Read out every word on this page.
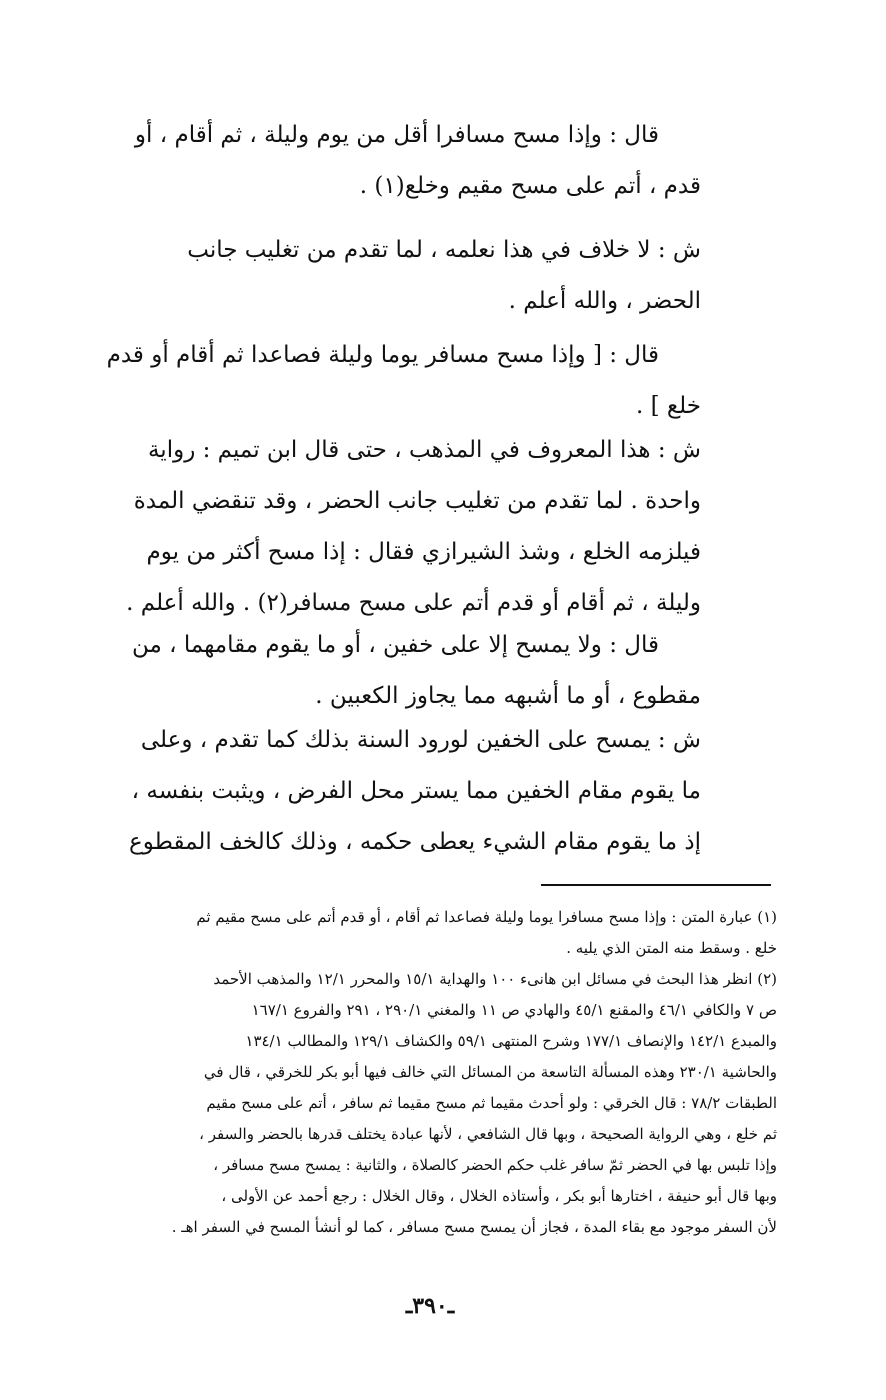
قال : وإذا مسح مسافرا أقل من يوم وليلة ، ثم أقام ، أو
قدم ، أتم على مسح مقيم وخلع(١) .
ش : لا خلاف في هذا نعلمه ، لما تقدم من تغليب جانب
الحضر ، والله أعلم .
قال : [ وإذا مسح مسافر يوما وليلة فصاعدا ثم أقام أو قدم
خلع ] .
ش : هذا المعروف في المذهب ، حتى قال ابن تميم : رواية
واحدة . لما تقدم من تغليب جانب الحضر ، وقد تنقضي المدة
فيلزمه الخلع ، وشذ الشيرازي فقال : إذا مسح أكثر من يوم
وليلة ، ثم أقام أو قدم أتم على مسح مسافر(٢) . والله أعلم .
قال : ولا يمسح إلا على خفين ، أو ما يقوم مقامهما ، من
مقطوع ، أو ما أشبهه مما يجاوز الكعبين .
ش : يمسح على الخفين لورود السنة بذلك كما تقدم ، وعلى
ما يقوم مقام الخفين مما يستر محل الفرض ، ويثبت بنفسه ،
إذ ما يقوم مقام الشيء يعطى حكمه ، وذلك كالخف المقطوع
(١) عبارة المتن : وإذا مسح مسافرا يوما وليلة فصاعدا ثم أقام ، أو قدم أتم على مسح مقيم ثم
خلع . وسقط منه المتن الذي يليه .
(٢) انظر هذا البحث في مسائل ابن هانىء ١٠٠ والهداية ١٥/١ والمحرر ١٢/١ والمذهب الأحمد
ص ٧ والكافي ٤٦/١ والمقنع ٤٥/١ والهادي ص ١١ والمغني ٢٩٠/١ ، ٢٩١ والفروع ١٦٧/١
والمبدع ١٤٢/١ والإنصاف ١٧٧/١ وشرح المنتهى ٥٩/١ والكشاف ١٢٩/١ والمطالب ١٣٤/١
والحاشية ٢٣٠/١ وهذه المسألة التاسعة من المسائل التي خالف فيها أبو بكر للخرقي ، قال في
الطبقات ٧٨/٢ : قال الخرقي : ولو أحدث مقيما ثم مسح مقيما ثم سافر ، أتم على مسح مقيم
ثم خلع ، وهي الرواية الصحيحة ، وبها قال الشافعي ، لأنها عبادة يختلف قدرها بالحضر والسفر ،
وإذا تلبس بها في الحضر ثمّ سافر غلب حكم الحضر كالصلاة ، والثانية : يمسح مسح مسافر ،
وبها قال أبو حنيفة ، اختارها أبو بكر ، وأستاذه الخلال ، وقال الخلال : رجع أحمد عن الأولى ،
لأن السفر موجود مع بقاء المدة ، فجاز أن يمسح مسح مسافر ، كما لو أنشأ المسح في السفر اهـ .
ـ٣٩٠ـ
